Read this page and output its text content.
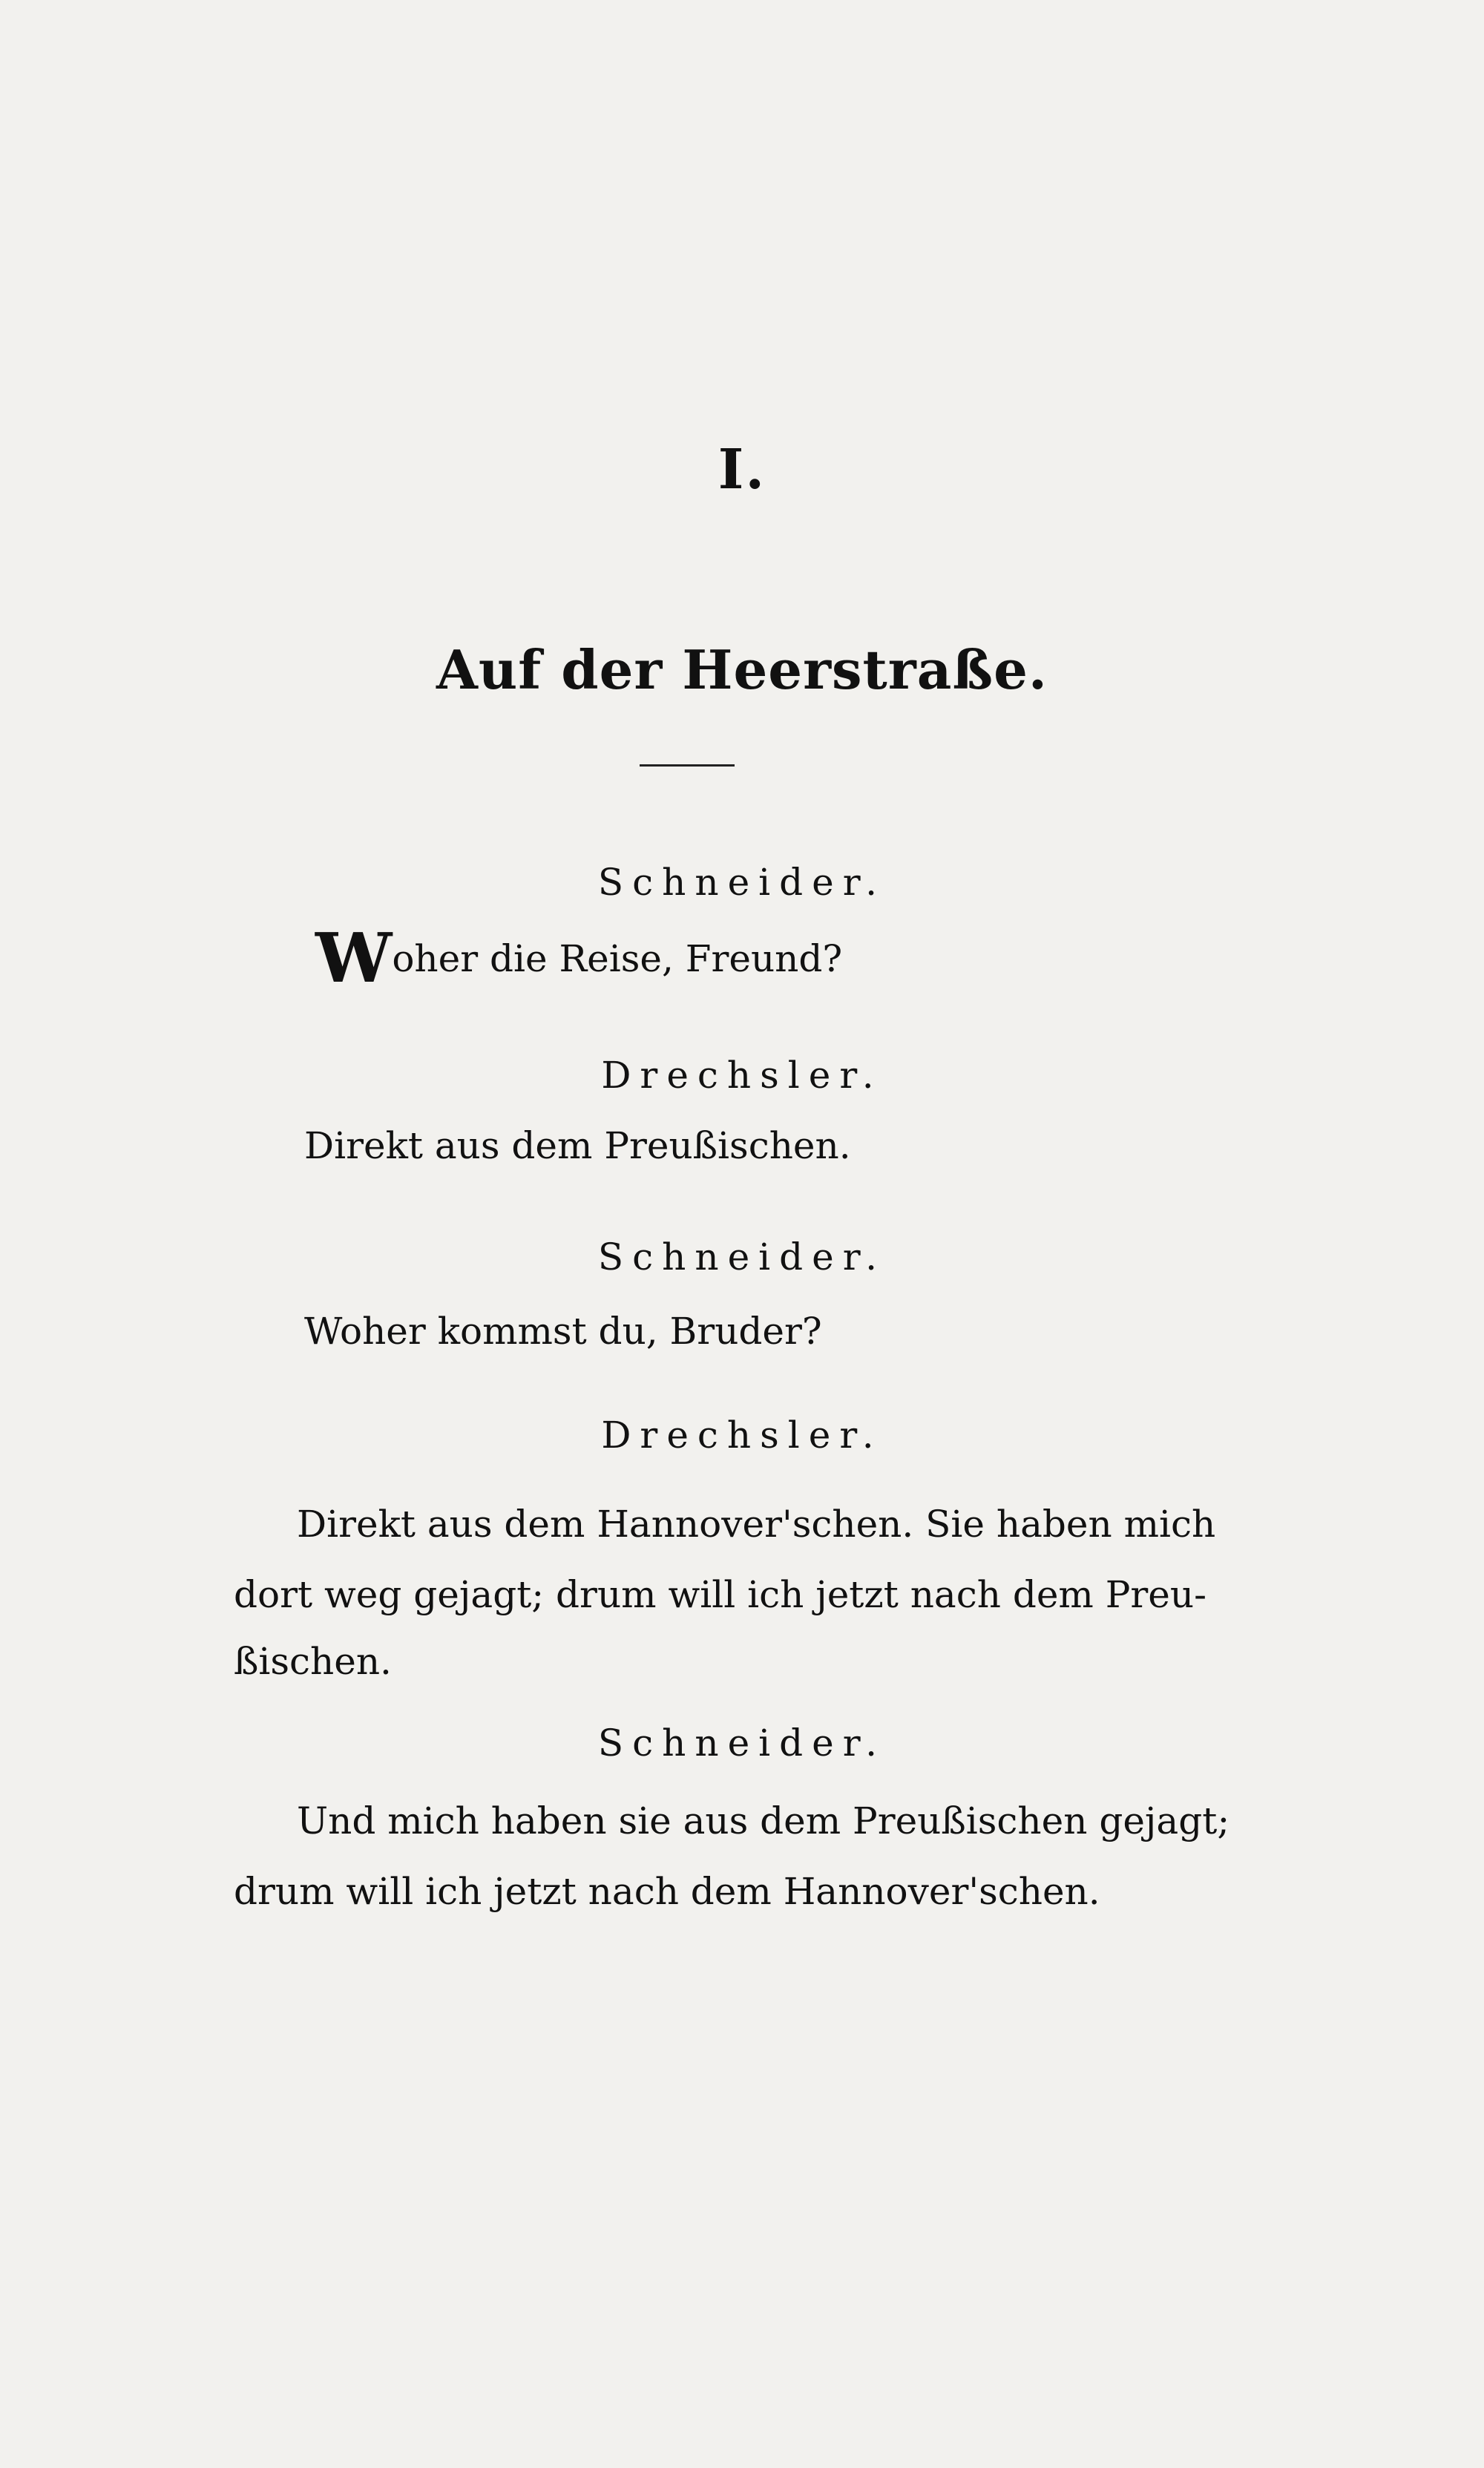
I.
Auf der Heerstraße.
Schneider.
Woher die Reise, Freund?
Drechsler.
Direkt aus dem Preußischen.
Schneider.
Woher kommst du, Bruder?
Drechsler.
Direkt aus dem Hannover'schen. Sie haben mich
dort weg gejagt; drum will ich jetzt nach dem Preu-
ßischen.
Schneider.
Und mich haben sie aus dem Preußischen gejagt;
drum will ich jetzt nach dem Hannover'schen.
